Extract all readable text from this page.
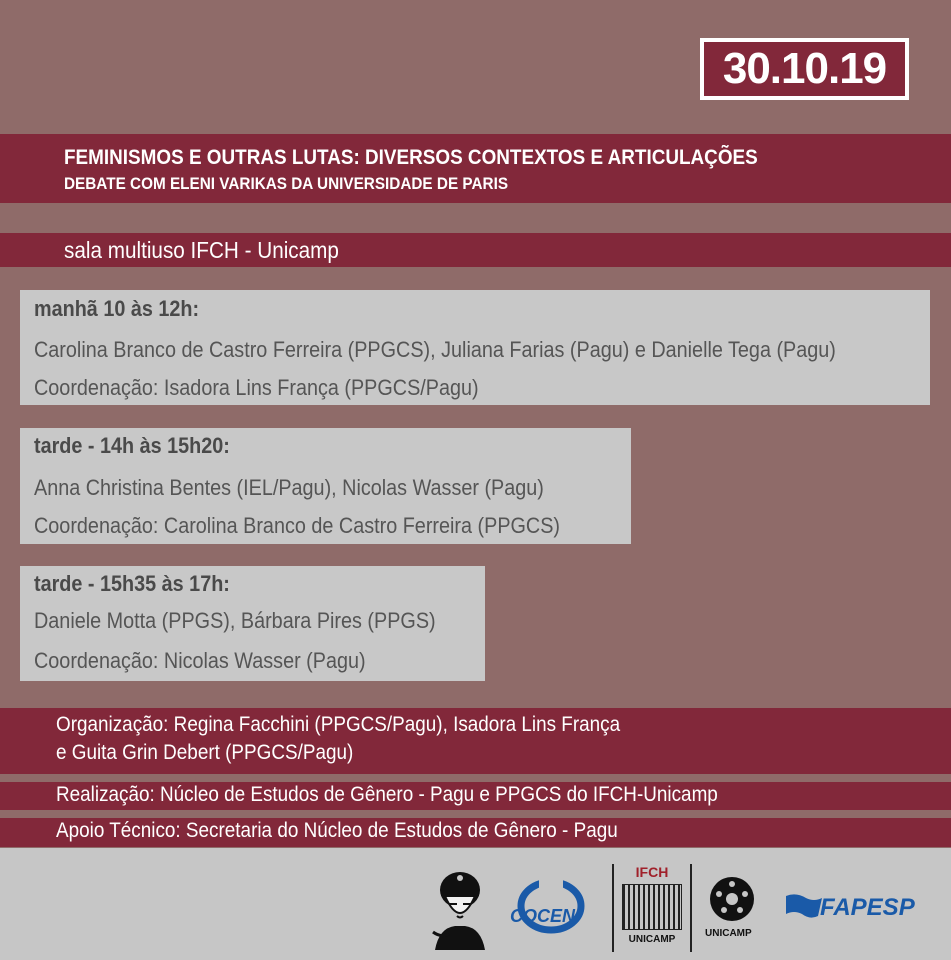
30.10.19
FEMINISMOS E OUTRAS LUTAS: DIVERSOS CONTEXTOS E ARTICULAÇÕES
DEBATE COM ELENI VARIKAS DA UNIVERSIDADE DE PARIS
sala multiuso IFCH - Unicamp
manhã 10 às 12h:
Carolina Branco de Castro Ferreira (PPGCS), Juliana Farias (Pagu) e Danielle Tega (Pagu)
Coordenação: Isadora Lins França (PPGCS/Pagu)
tarde - 14h às 15h20:
Anna Christina Bentes (IEL/Pagu), Nicolas Wasser (Pagu)
Coordenação: Carolina Branco de Castro Ferreira (PPGCS)
tarde - 15h35 às 17h:
Daniele Motta (PPGS), Bárbara Pires (PPGS)
Coordenação: Nicolas Wasser (Pagu)
Organização: Regina Facchini (PPGCS/Pagu), Isadora Lins França
e Guita Grin Debert (PPGCS/Pagu)
Realização: Núcleo de Estudos de Gênero - Pagu e PPGCS do IFCH-Unicamp
Apoio Técnico: Secretaria do Núcleo de Estudos de Gênero - Pagu
COCEN
IFCH
UNICAMP
UNICAMP
FAPESP
